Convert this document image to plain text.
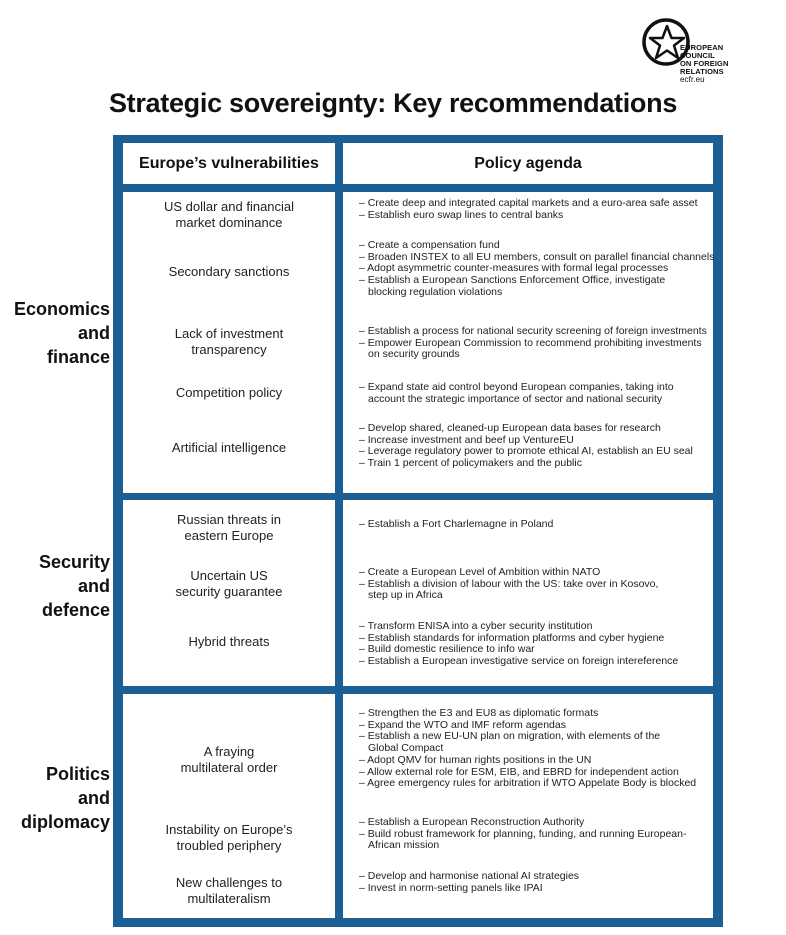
EUROPEAN
COUNCIL
ON FOREIGN
RELATIONS
ecfr.eu
Strategic sovereignty: Key recommendations
Economics
and
finance
Security
and
defence
Politics
and
diplomacy
Europe’s vulnerabilities	Policy agenda
US dollar and financial
market dominance
Secondary sanctions
Lack of investment
transparency
Competition policy
Artificial intelligence
– Create deep and integrated capital markets and a euro-area safe asset
– Establish euro swap lines to central banks
– Create a compensation fund
– Broaden INSTEX to all EU members, consult on parallel financial channels
– Adopt asymmetric counter-measures with formal legal processes
– Establish a European Sanctions Enforcement Office, investigate blocking regulation violations
– Establish a process for national security screening of foreign investments
– Empower European Commission to recommend prohibiting investments on security grounds
– Expand state aid control beyond European companies, taking into account the strategic importance of sector and national security
– Develop shared, cleaned-up European data bases for research
– Increase investment and beef up VentureEU
– Leverage regulatory power to promote ethical AI, establish an EU seal
– Train 1 percent of policymakers and the public
Russian threats in
eastern Europe
Uncertain US
security guarantee
Hybrid threats
– Establish a Fort Charlemagne in Poland
– Create a European Level of Ambition within NATO
– Establish a division of labour with the US: take over in Kosovo, step up in Africa
– Transform ENISA into a cyber security institution
– Establish standards for information platforms and cyber hygiene
– Build domestic resilience to info war
– Establish a European investigative service on foreign intereference
A fraying
multilateral order
Instability on Europe’s
troubled periphery
New challenges to
multilateralism
– Strengthen the E3 and EU8 as diplomatic formats
– Expand the WTO and IMF reform agendas
– Establish a new EU-UN plan on migration, with elements of the Global Compact
– Adopt QMV for human rights positions in the UN
– Allow external role for ESM, EIB, and EBRD for independent action
– Agree emergency rules for arbitration if WTO Appelate Body is blocked
– Establish a European Reconstruction Authority
– Build robust framework for planning, funding, and running European-African mission
– Develop and harmonise national AI strategies
– Invest in norm-setting panels like IPAI
